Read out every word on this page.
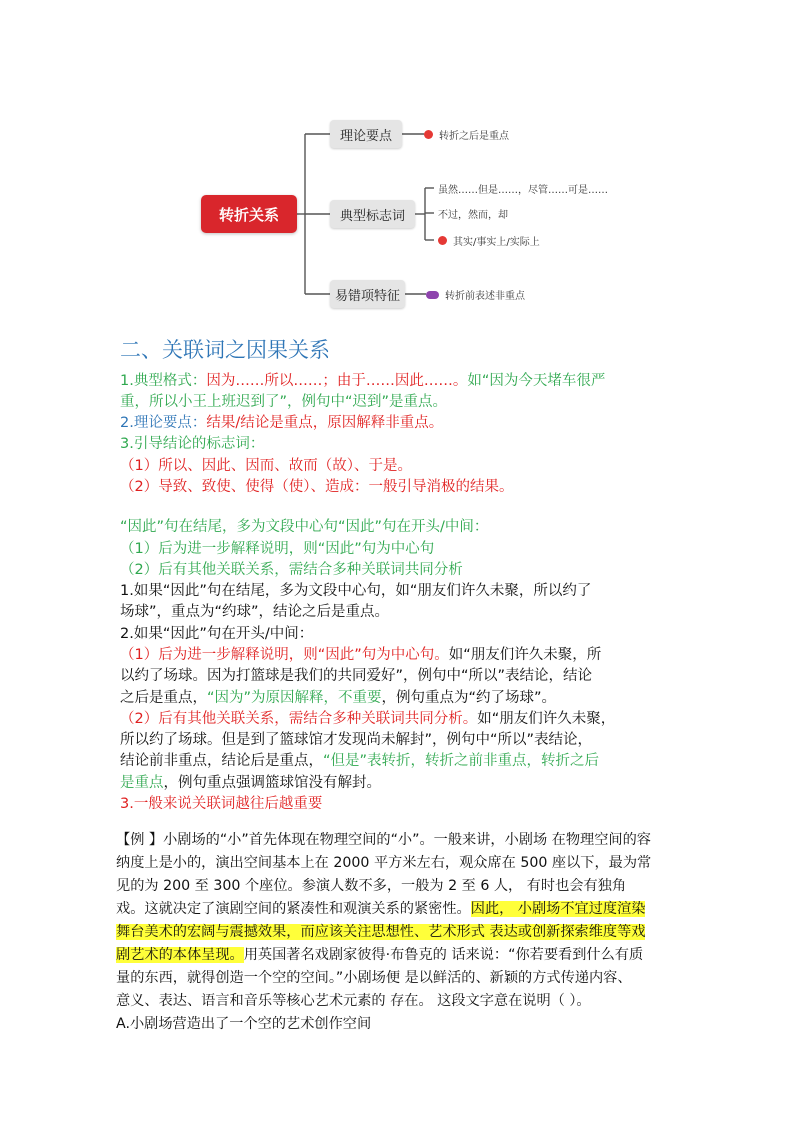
转折关系
理论要点
典型标志词
易错项特征
转折之后是重点
虽然……但是……，尽管……可是……
不过，然而，却
其实/事实上/实际上
转折前表述非重点
二、关联词之因果关系
1.典型格式：因为……所以……；由于……因此……。如“因为今天堵车很严
重，所以小王上班迟到了”，例句中“迟到”是重点。
2.理论要点：结果/结论是重点，原因解释非重点。
3.引导结论的标志词：
（1）所以、因此、因而、故而（故）、于是。
（2）导致、致使、使得（使）、造成：一般引导消极的结果。
“因此”句在结尾，多为文段中心句“因此”句在开头/中间：
（1）后为进一步解释说明，则“因此”句为中心句
（2）后有其他关联关系，需结合多种关联词共同分析
1.如果“因此”句在结尾，多为文段中心句，如“朋友们许久未聚，所以约了
场球”，重点为“约球”，结论之后是重点。
2.如果“因此”句在开头/中间：
（1）后为进一步解释说明，则“因此”句为中心句。如“朋友们许久未聚，所
以约了场球。因为打篮球是我们的共同爱好”，例句中“所以”表结论，结论
之后是重点，“因为”为原因解释，不重要，例句重点为“约了场球”。
（2）后有其他关联关系，需结合多种关联词共同分析。如“朋友们许久未聚，
所以约了场球。但是到了篮球馆才发现尚未解封”，例句中“所以”表结论，
结论前非重点，结论后是重点，“但是”表转折，转折之前非重点，转折之后
是重点，例句重点强调篮球馆没有解封。
3.一般来说关联词越往后越重要
【例 】小剧场的“小”首先体现在物理空间的“小”。一般来讲，小剧场 在物理空间的容
纳度上是小的，演出空间基本上在 2000 平方米左右，观众席在 500 座以下，最为常
见的为 200 至 300 个座位。参演人数不多，一般为 2 至 6 人， 有时也会有独角
戏。这就决定了演剧空间的紧凑性和观演关系的紧密性。因此， 小剧场不宜过度渲染
舞台美术的宏阔与震撼效果，而应该关注思想性、艺术形式 表达或创新探索维度等戏
剧艺术的本体呈现。用英国著名戏剧家彼得·布鲁克的 话来说：“你若要看到什么有质
量的东西，就得创造一个空的空间。”小剧场便 是以鲜活的、新颖的方式传递内容、
意义、表达、语言和音乐等核心艺术元素的 存在。 这段文字意在说明（ ）。
A.小剧场营造出了一个空的艺术创作空间
